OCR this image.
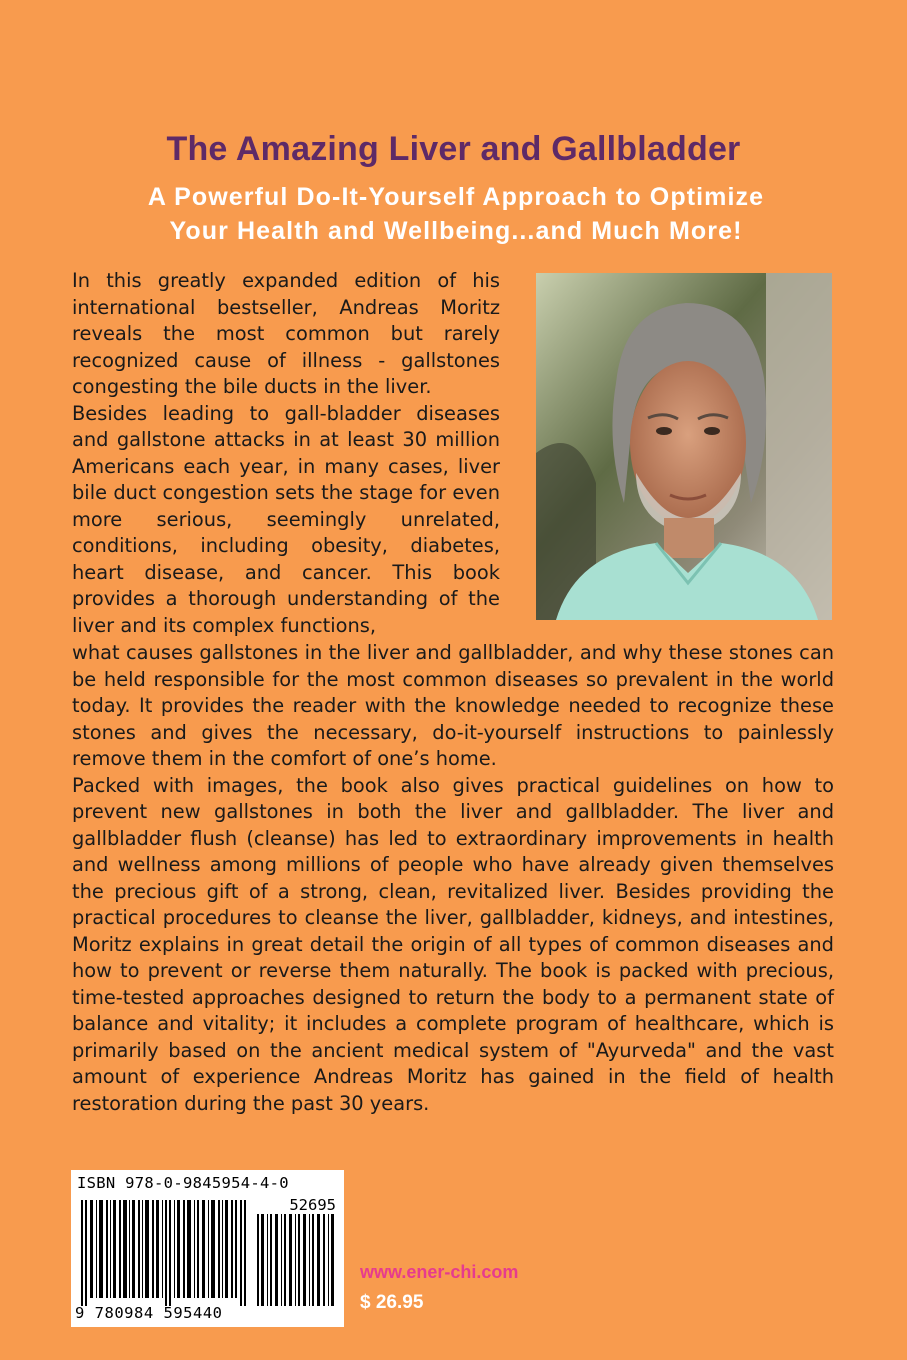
The Amazing Liver and Gallbladder
A Powerful Do-It-Yourself Approach to Optimize
Your Health and Wellbeing...and Much More!

In this greatly expanded edition of his international bestseller, Andreas Moritz reveals the most common but rarely recognized cause of illness - gallstones congesting the bile ducts in the liver.

Besides leading to gall-bladder diseases and gallstone attacks in at least 30 million Americans each year, in many cases, liver bile duct congestion sets the stage for even more serious, seemingly unrelated, conditions, including obesity, diabetes, heart disease, and cancer. This book provides a thorough understanding of the liver and its complex functions,

what causes gallstones in the liver and gallbladder, and why these stones can be held responsible for the most common diseases so prevalent in the world today. It provides the reader with the knowledge needed to recognize these stones and gives the necessary, do-it-yourself instructions to painlessly remove them in the comfort of one’s home.

Packed with images, the book also gives practical guidelines on how to prevent new gallstones in both the liver and gallbladder. The liver and gallbladder flush (cleanse) has led to extraordinary improvements in health and wellness among millions of people who have already given themselves the precious gift of a strong, clean, revitalized liver. Besides providing the practical procedures to cleanse the liver, gallbladder, kidneys, and intestines, Moritz explains in great detail the origin of all types of common diseases and how to prevent or reverse them naturally. The book is packed with precious, time-tested approaches designed to return the body to a permanent state of balance and vitality; it includes a complete program of healthcare, which is primarily based on the ancient medical system of "Ayurveda" and the vast amount of experience Andreas Moritz has gained in the field of health restoration during the past 30 years.

ISBN 978-0-9845954-4-0
52695
9 780984 595440
www.ener-chi.com
$ 26.95
